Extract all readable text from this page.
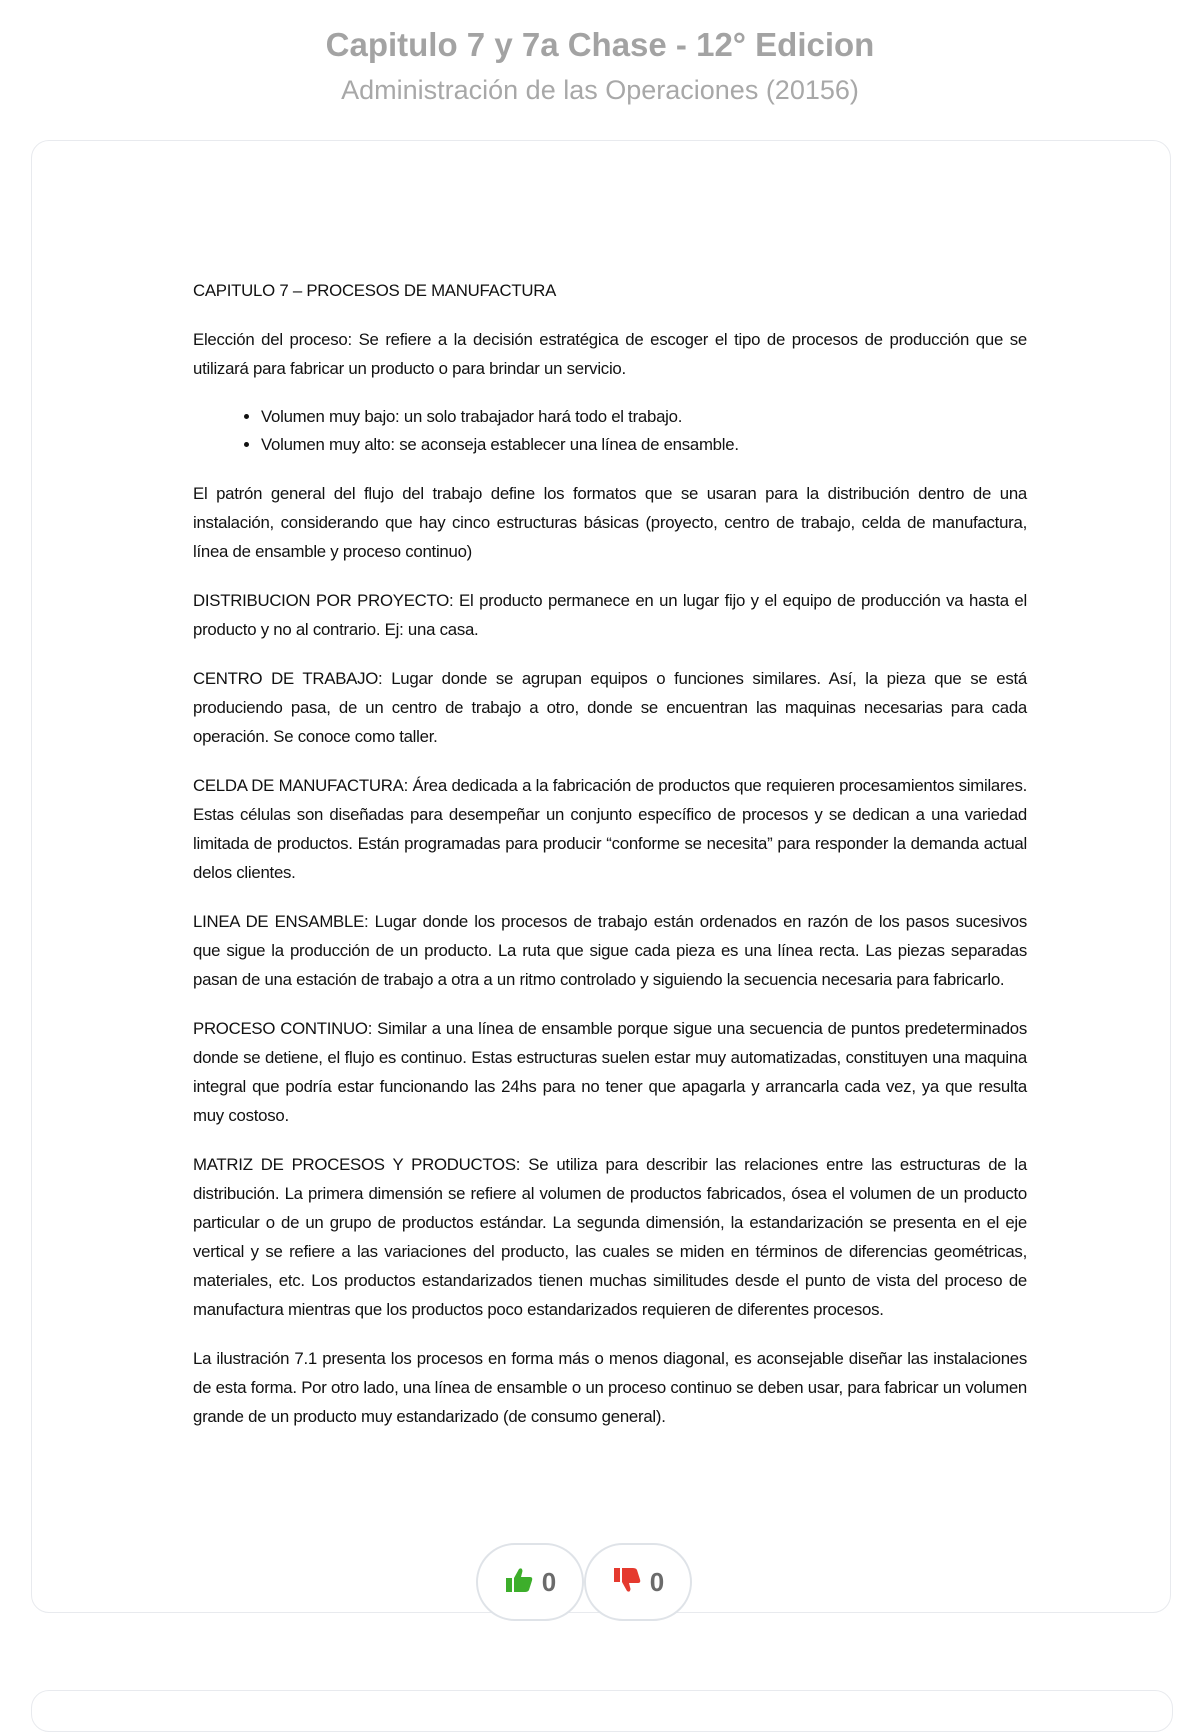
Capitulo 7 y 7a Chase - 12° Edicion
Administración de las Operaciones (20156)

CAPITULO 7 – PROCESOS DE MANUFACTURA

Elección del proceso: Se refiere a la decisión estratégica de escoger el tipo de procesos de producción que se utilizará para fabricar un producto o para brindar un servicio.

• Volumen muy bajo: un solo trabajador hará todo el trabajo.
• Volumen muy alto: se aconseja establecer una línea de ensamble.

El patrón general del flujo del trabajo define los formatos que se usaran para la distribución dentro de una instalación, considerando que hay cinco estructuras básicas (proyecto, centro de trabajo, celda de manufactura, línea de ensamble y proceso continuo)

DISTRIBUCION POR PROYECTO: El producto permanece en un lugar fijo y el equipo de producción va hasta el producto y no al contrario. Ej: una casa.

CENTRO DE TRABAJO: Lugar donde se agrupan equipos o funciones similares. Así, la pieza que se está produciendo pasa, de un centro de trabajo a otro, donde se encuentran las maquinas necesarias para cada operación. Se conoce como taller.

CELDA DE MANUFACTURA: Área dedicada a la fabricación de productos que requieren procesamientos similares. Estas células son diseñadas para desempeñar un conjunto específico de procesos y se dedican a una variedad limitada de productos. Están programadas para producir “conforme se necesita” para responder la demanda actual delos clientes.

LINEA DE ENSAMBLE: Lugar donde los procesos de trabajo están ordenados en razón de los pasos sucesivos que sigue la producción de un producto. La ruta que sigue cada pieza es una línea recta. Las piezas separadas pasan de una estación de trabajo a otra a un ritmo controlado y siguiendo la secuencia necesaria para fabricarlo.

PROCESO CONTINUO: Similar a una línea de ensamble porque sigue una secuencia de puntos predeterminados donde se detiene, el flujo es continuo. Estas estructuras suelen estar muy automatizadas, constituyen una maquina integral que podría estar funcionando las 24hs para no tener que apagarla y arrancarla cada vez, ya que resulta muy costoso.

MATRIZ DE PROCESOS Y PRODUCTOS: Se utiliza para describir las relaciones entre las estructuras de la distribución. La primera dimensión se refiere al volumen de productos fabricados, ósea el volumen de un producto particular o de un grupo de productos estándar. La segunda dimensión, la estandarización se presenta en el eje vertical y se refiere a las variaciones del producto, las cuales se miden en términos de diferencias geométricas, materiales, etc. Los productos estandarizados tienen muchas similitudes desde el punto de vista del proceso de manufactura mientras que los productos poco estandarizados requieren de diferentes procesos.

La ilustración 7.1 presenta los procesos en forma más o menos diagonal, es aconsejable diseñar las instalaciones de esta forma. Por otro lado, una línea de ensamble o un proceso continuo se deben usar, para fabricar un volumen grande de un producto muy estandarizado (de consumo general).

0	0
